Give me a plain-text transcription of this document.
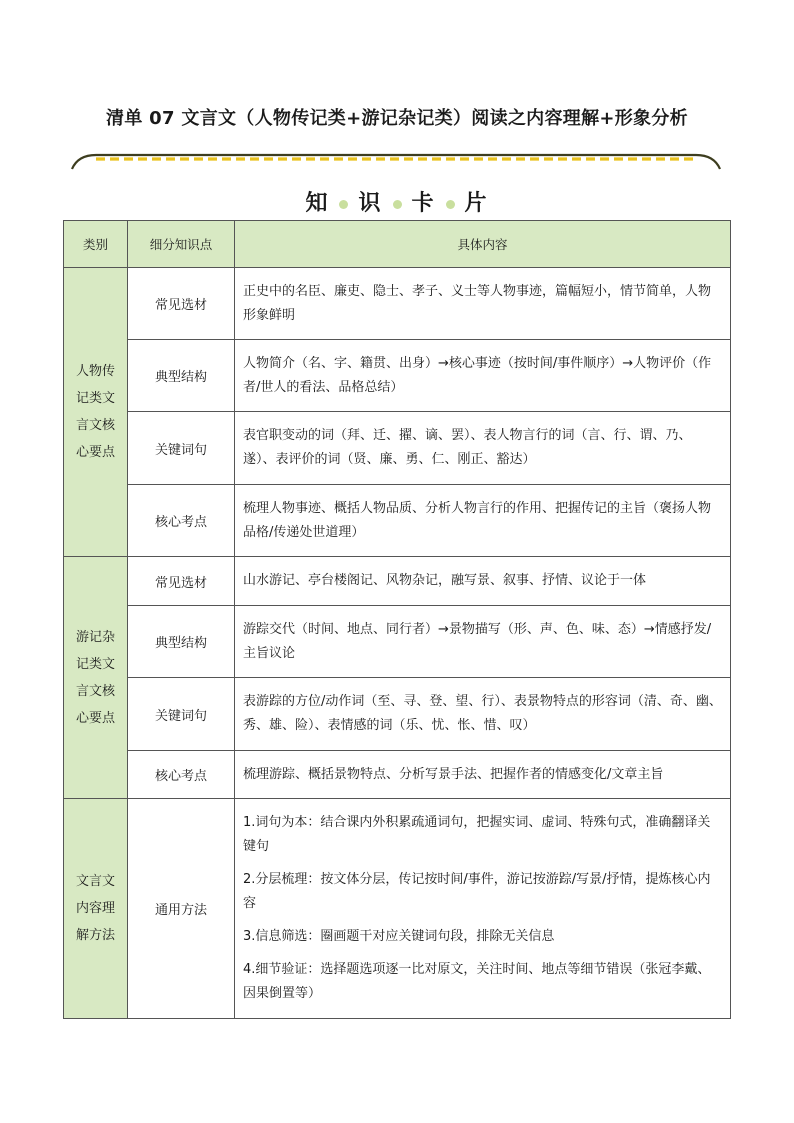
清单 07 文言文（人物传记类+游记杂记类）阅读之内容理解+形象分析
知 识 卡 片
类别	细分知识点	具体内容
人物传记类文言文核心要点	常见选材	正史中的名臣、廉吏、隐士、孝子、义士等人物事迹，篇幅短小，情节简单，人物形象鲜明
	典型结构	人物简介（名、字、籍贯、出身）→核心事迹（按时间/事件顺序）→人物评价（作者/世人的看法、品格总结）
	关键词句	表官职变动的词（拜、迁、擢、谪、罢）、表人物言行的词（言、行、谓、乃、遂）、表评价的词（贤、廉、勇、仁、刚正、豁达）
	核心考点	梳理人物事迹、概括人物品质、分析人物言行的作用、把握传记的主旨（褒扬人物品格/传递处世道理）
游记杂记类文言文核心要点	常见选材	山水游记、亭台楼阁记、风物杂记，融写景、叙事、抒情、议论于一体
	典型结构	游踪交代（时间、地点、同行者）→景物描写（形、声、色、味、态）→情感抒发/主旨议论
	关键词句	表游踪的方位/动作词（至、寻、登、望、行）、表景物特点的形容词（清、奇、幽、秀、雄、险）、表情感的词（乐、忧、怅、惜、叹）
	核心考点	梳理游踪、概括景物特点、分析写景手法、把握作者的情感变化/文章主旨
文言文内容理解方法	通用方法	1.词句为本：结合课内外积累疏通词句，把握实词、虚词、特殊句式，准确翻译关键句

2.分层梳理：按文体分层，传记按时间/事件，游记按游踪/写景/抒情，提炼核心内容

3.信息筛选：圈画题干对应关键词句段，排除无关信息

4.细节验证：选择题选项逐一比对原文，关注时间、地点等细节错误（张冠李戴、因果倒置等）
